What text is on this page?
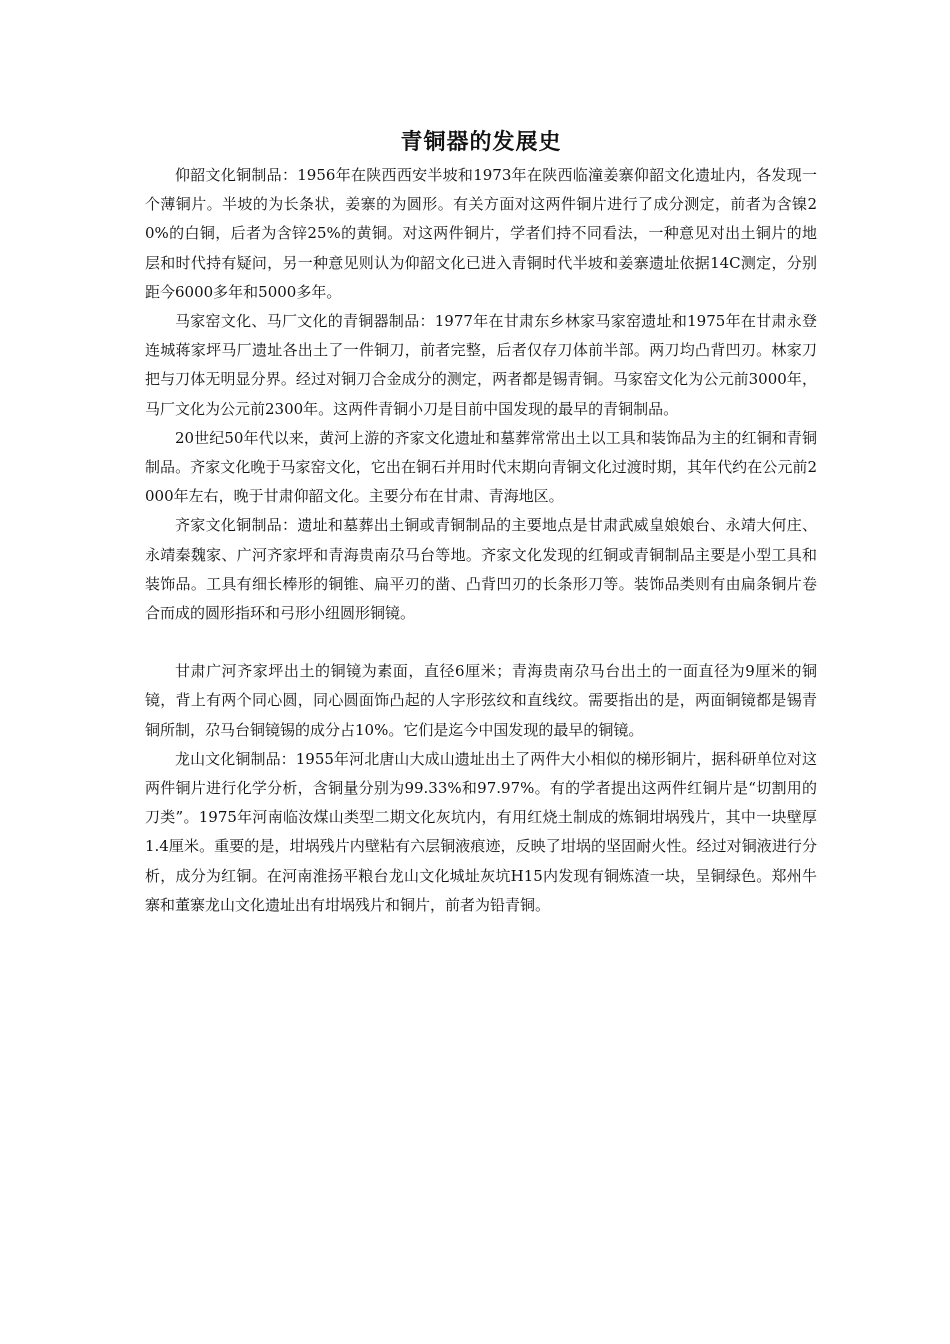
青铜器的发展史

仰韶文化铜制品：1956年在陕西西安半坡和1973年在陕西临潼姜寨仰韶文化遗址内，各发现一个薄铜片。半坡的为长条状，姜寨的为圆形。有关方面对这两件铜片进行了成分测定，前者为含镍20%的白铜，后者为含锌25%的黄铜。对这两件铜片，学者们持不同看法，一种意见对出土铜片的地层和时代持有疑问，另一种意见则认为仰韶文化已进入青铜时代半坡和姜寨遗址依据14C测定，分别距今6000多年和5000多年。

马家窑文化、马厂文化的青铜器制品：1977年在甘肃东乡林家马家窑遗址和1975年在甘肃永登连城蒋家坪马厂遗址各出土了一件铜刀，前者完整，后者仅存刀体前半部。两刀均凸背凹刃。林家刀把与刀体无明显分界。经过对铜刀合金成分的测定，两者都是锡青铜。马家窑文化为公元前3000年，马厂文化为公元前2300年。这两件青铜小刀是目前中国发现的最早的青铜制品。

20世纪50年代以来，黄河上游的齐家文化遗址和墓葬常常出土以工具和装饰品为主的红铜和青铜制品。齐家文化晚于马家窑文化，它出在铜石并用时代末期向青铜文化过渡时期，其年代约在公元前2000年左右，晚于甘肃仰韶文化。主要分布在甘肃、青海地区。

齐家文化铜制品：遗址和墓葬出土铜或青铜制品的主要地点是甘肃武威皇娘娘台、永靖大何庄、永靖秦魏家、广河齐家坪和青海贵南尕马台等地。齐家文化发现的红铜或青铜制品主要是小型工具和装饰品。工具有细长棒形的铜锥、扁平刃的凿、凸背凹刃的长条形刀等。装饰品类则有由扁条铜片卷合而成的圆形指环和弓形小纽圆形铜镜。

甘肃广河齐家坪出土的铜镜为素面，直径6厘米；青海贵南尕马台出土的一面直径为9厘米的铜镜，背上有两个同心圆，同心圆面饰凸起的人字形弦纹和直线纹。需要指出的是，两面铜镜都是锡青铜所制，尕马台铜镜锡的成分占10%。它们是迄今中国发现的最早的铜镜。

龙山文化铜制品：1955年河北唐山大成山遗址出土了两件大小相似的梯形铜片，据科研单位对这两件铜片进行化学分析，含铜量分别为99.33%和97.97%。有的学者提出这两件红铜片是“切割用的刀类”。1975年河南临汝煤山类型二期文化灰坑内，有用红烧土制成的炼铜坩埚残片，其中一块壁厚1.4厘米。重要的是，坩埚残片内壁粘有六层铜液痕迹，反映了坩埚的坚固耐火性。经过对铜液进行分析，成分为红铜。在河南淮扬平粮台龙山文化城址灰坑H15内发现有铜炼渣一块，呈铜绿色。郑州牛寨和董寨龙山文化遗址出有坩埚残片和铜片，前者为铅青铜。
